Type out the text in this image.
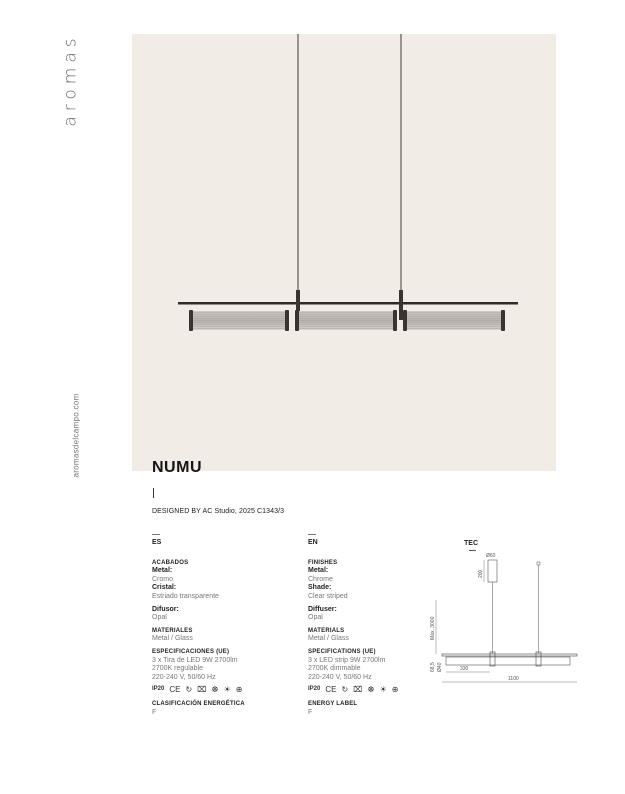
aromas
aromasdelcampo.com	NUMU
DESIGNED BY AC Studio, 2025 C1343/3
ES
ACABADOS
Metal:
Cromo
Cristal:
Estriado transparente
Difusor:
Opal
MATERIALES
Metal / Glass
ESPECIFICACIONES (UE)
3 x Tira de LED 9W 2700lm
2700K regulable
220-240 V, 50/60 Hz
IP20 CE ↻ ⌧ ☸ ☀ ⊕
CLASIFICACIÓN ENERGÉTICA
F
EN
FINISHES
Metal:
Chrome
Shade:
Clear striped
Diffuser:
Opal
MATERIALS
Metal / Glass
SPECIFICATIONS (UE)
3 x LED strip 9W 2700lm
2700K dimmable
220-240 V, 50/60 Hz
IP20 CE ↻ ⌧ ☸ ☀ ⊕
ENERGY LABEL
F
TEC
Ø60
200
Máx. 3000
68,5 Ø40	330
1100
